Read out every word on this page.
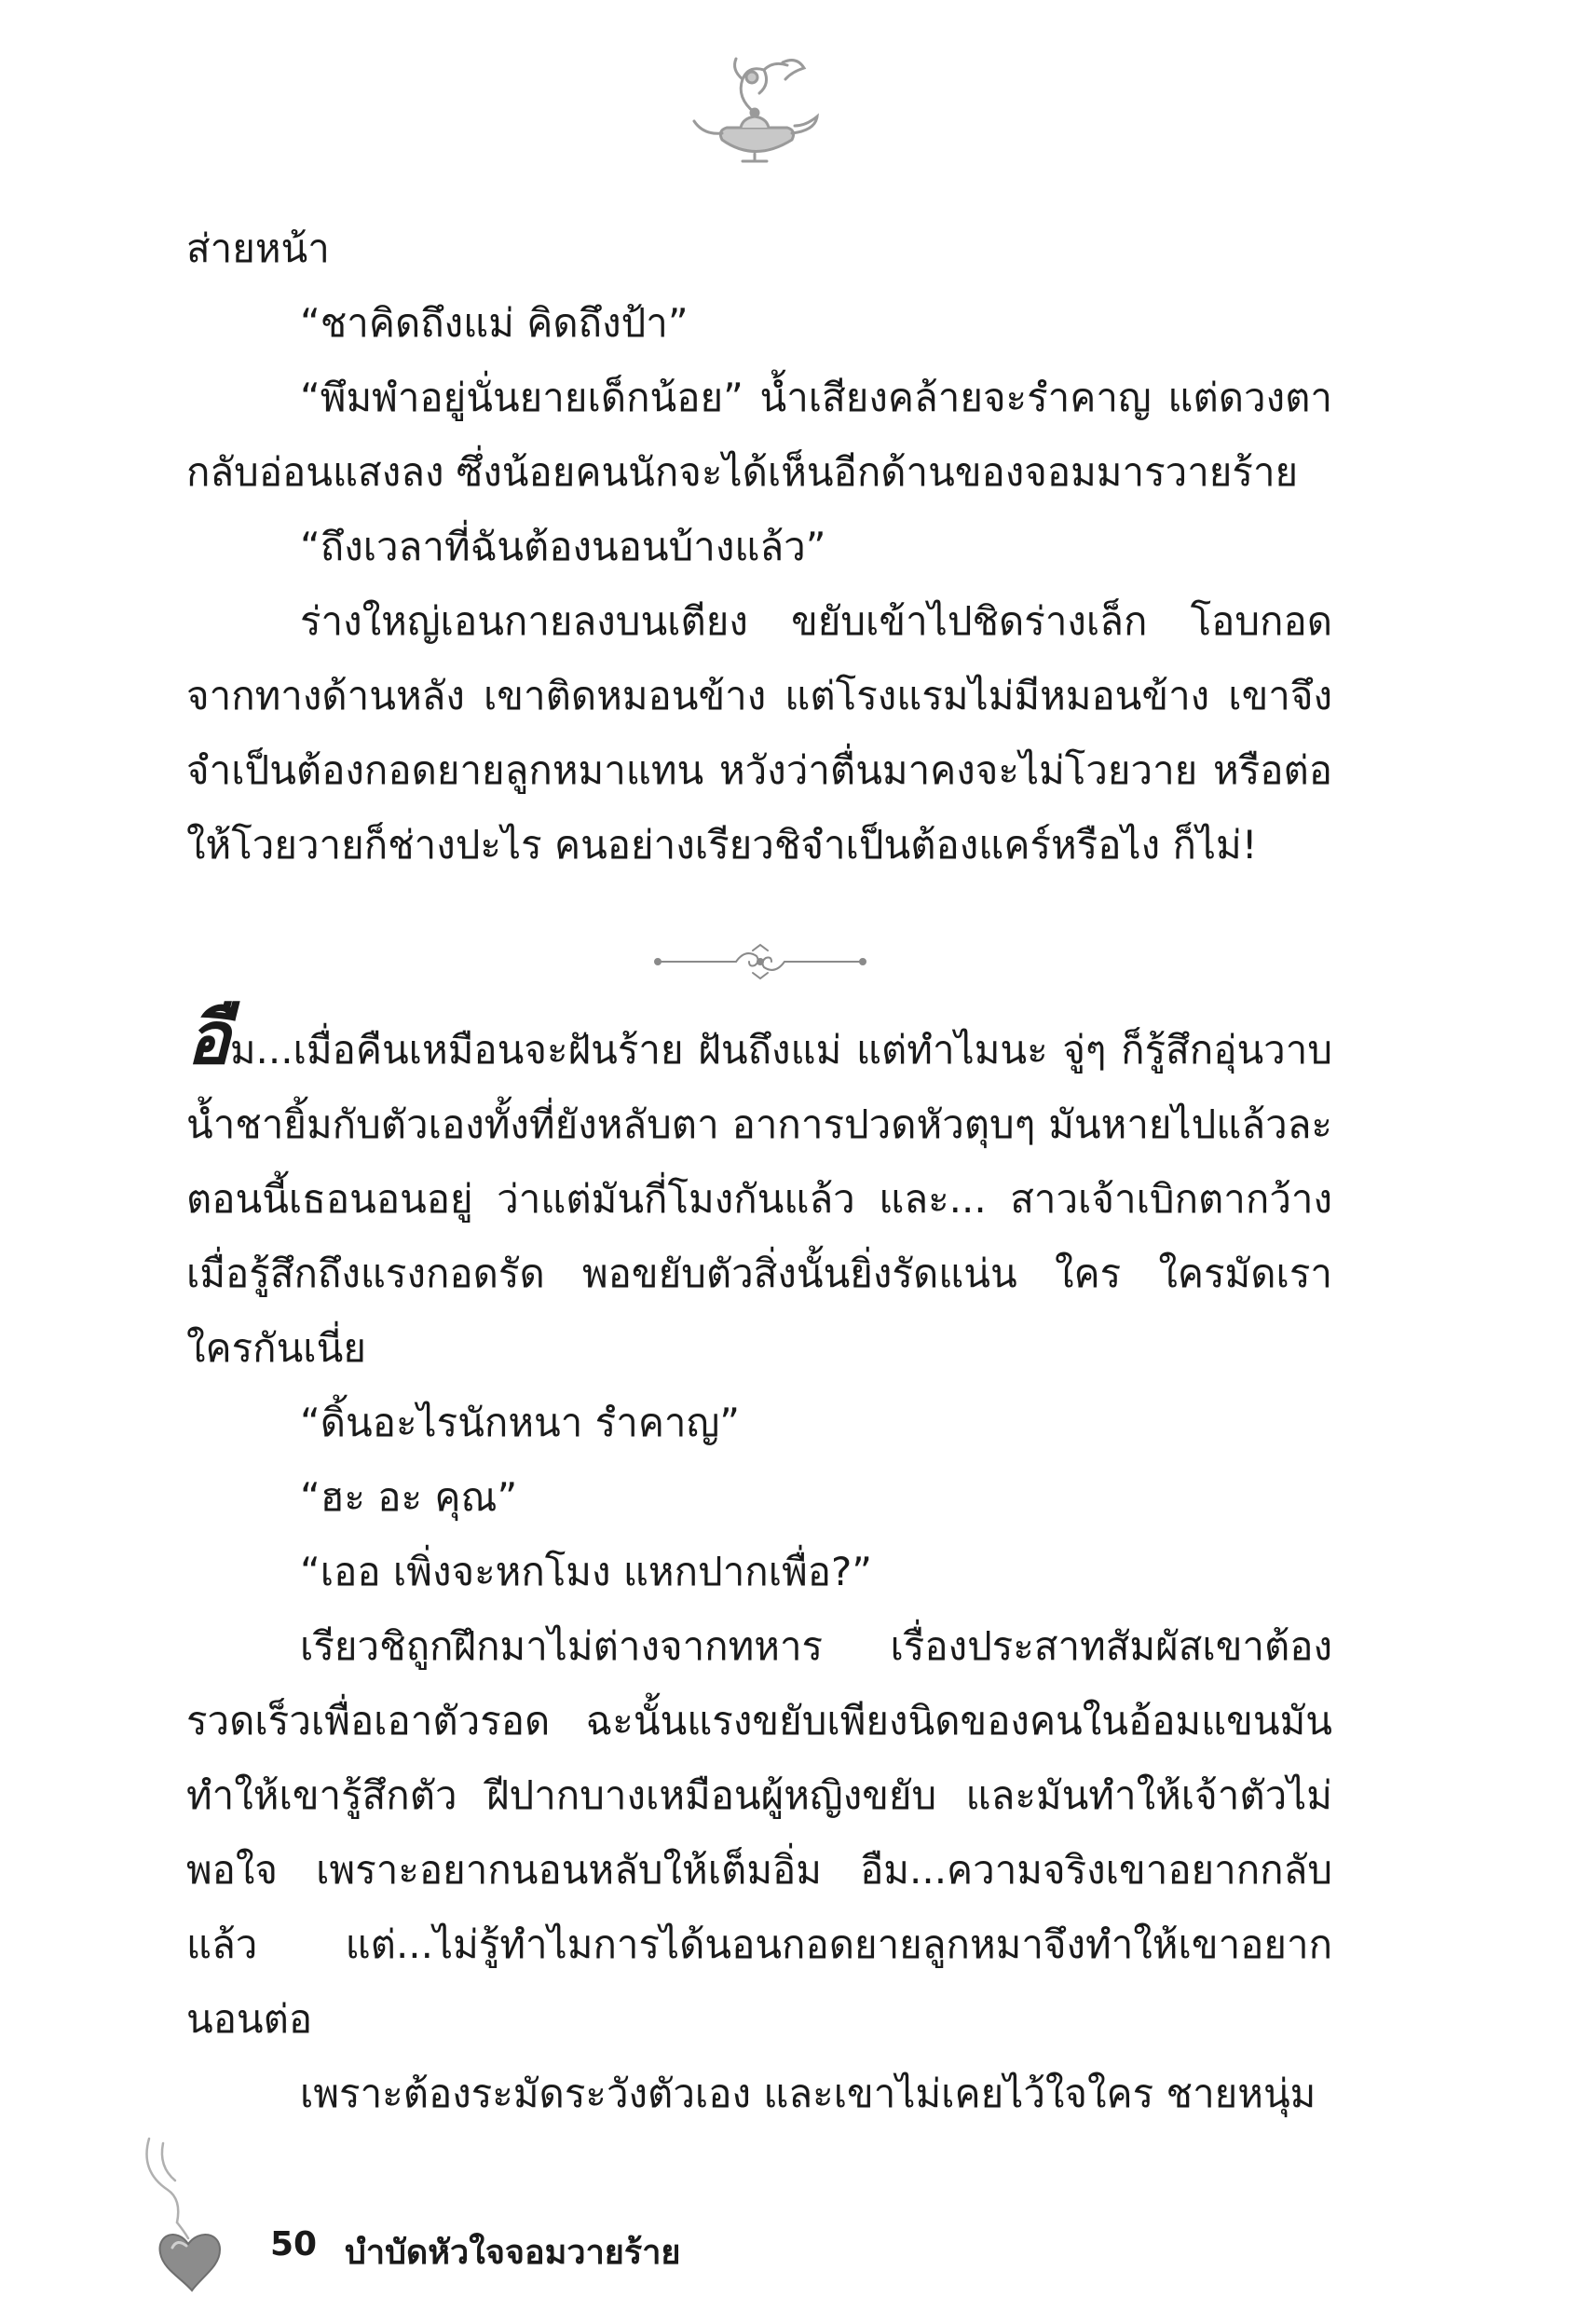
ส่ายหน้า

“ชาคิดถึงแม่ คิดถึงป้า”

“พึมพำอยู่นั่นยายเด็กน้อย” น้ำเสียงคล้ายจะรำคาญ แต่ดวงตากลับอ่อนแสงลง ซึ่งน้อยคนนักจะได้เห็นอีกด้านของจอมมารวายร้าย

“ถึงเวลาที่ฉันต้องนอนบ้างแล้ว”

ร่างใหญ่เอนกายลงบนเตียง ขยับเข้าไปชิดร่างเล็ก โอบกอดจากทางด้านหลัง เขาติดหมอนข้าง แต่โรงแรมไม่มีหมอนข้าง เขาจึงจำเป็นต้องกอดยายลูกหมาแทน หวังว่าตื่นมาคงจะไม่โวยวาย หรือต่อให้โวยวายก็ช่างปะไร คนอย่างเรียวชิจำเป็นต้องแคร์หรือไง ก็ไม่!

อืม...เมื่อคืนเหมือนจะฝันร้าย ฝันถึงแม่ แต่ทำไมนะ จู่ๆ ก็รู้สึกอุ่นวาบ น้ำชายิ้มกับตัวเองทั้งที่ยังหลับตา อาการปวดหัวตุบๆ มันหายไปแล้วละ ตอนนี้เธอนอนอยู่ ว่าแต่มันกี่โมงกันแล้ว และ... สาวเจ้าเบิกตากว้างเมื่อรู้สึกถึงแรงกอดรัด พอขยับตัวสิ่งนั้นยิ่งรัดแน่น ใคร ใครมัดเรา ใครกันเนี่ย

“ดิ้นอะไรนักหนา รำคาญ”

“ฮะ อะ คุณ”

“เออ เพิ่งจะหกโมง แหกปากเพื่อ?”

เรียวชิถูกฝึกมาไม่ต่างจากทหาร เรื่องประสาทสัมผัสเขาต้องรวดเร็วเพื่อเอาตัวรอด ฉะนั้นแรงขยับเพียงนิดของคนในอ้อมแขนมันทำให้เขารู้สึกตัว ฝีปากบางเหมือนผู้หญิงขยับ และมันทำให้เจ้าตัวไม่พอใจ เพราะอยากนอนหลับให้เต็มอิ่ม อืม...ความจริงเขาอยากกลับแล้ว แต่...ไม่รู้ทำไมการได้นอนกอดยายลูกหมาจึงทำให้เขาอยากนอนต่อ

เพราะต้องระมัดระวังตัวเอง และเขาไม่เคยไว้ใจใคร ชายหนุ่ม

50 บำบัดหัวใจจอมวายร้าย
